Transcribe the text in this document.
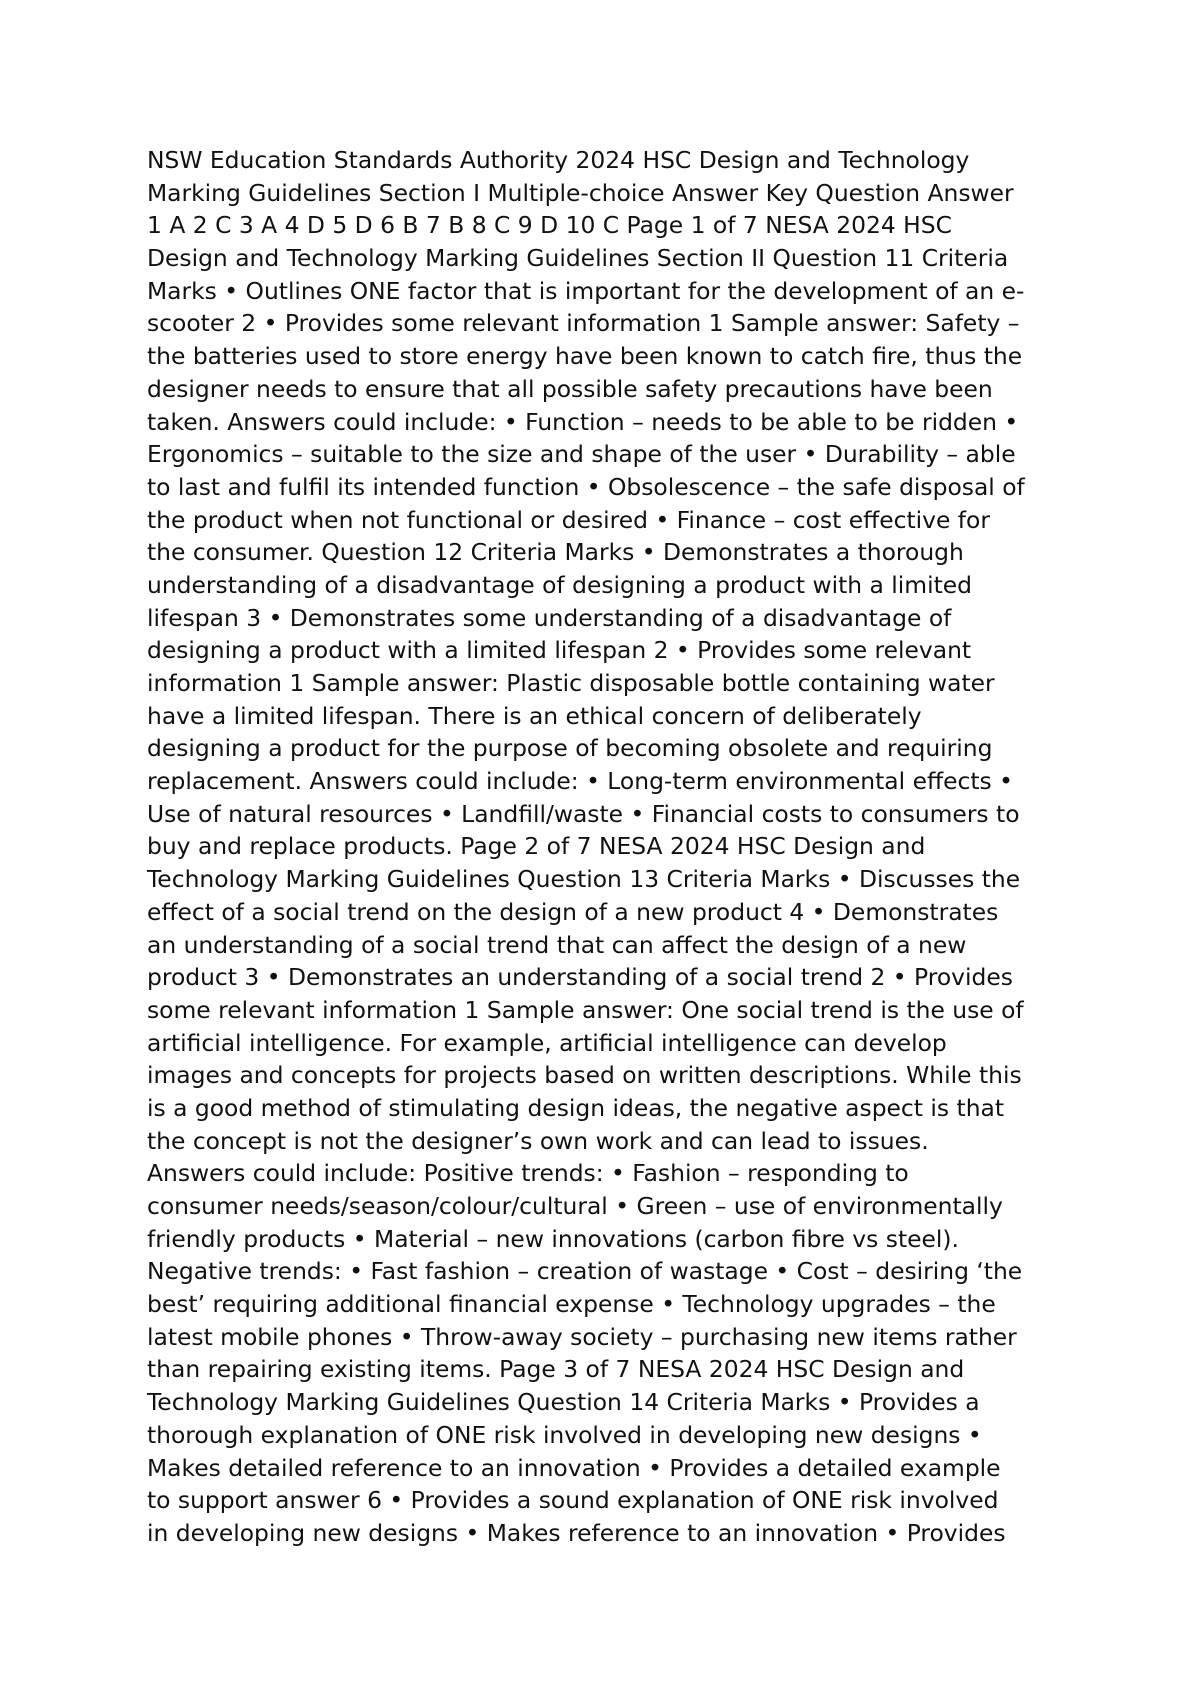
NSW Education Standards Authority 2024 HSC Design and Technology
Marking Guidelines Section I Multiple-choice Answer Key Question Answer
1 A 2 C 3 A 4 D 5 D 6 B 7 B 8 C 9 D 10 C Page 1 of 7 NESA 2024 HSC
Design and Technology Marking Guidelines Section II Question 11 Criteria
Marks • Outlines ONE factor that is important for the development of an e-
scooter 2 • Provides some relevant information 1 Sample answer: Safety –
the batteries used to store energy have been known to catch fire, thus the
designer needs to ensure that all possible safety precautions have been
taken. Answers could include: • Function – needs to be able to be ridden •
Ergonomics – suitable to the size and shape of the user • Durability – able
to last and fulfil its intended function • Obsolescence – the safe disposal of
the product when not functional or desired • Finance – cost effective for
the consumer. Question 12 Criteria Marks • Demonstrates a thorough
understanding of a disadvantage of designing a product with a limited
lifespan 3 • Demonstrates some understanding of a disadvantage of
designing a product with a limited lifespan 2 • Provides some relevant
information 1 Sample answer: Plastic disposable bottle containing water
have a limited lifespan. There is an ethical concern of deliberately
designing a product for the purpose of becoming obsolete and requiring
replacement. Answers could include: • Long-term environmental effects •
Use of natural resources • Landfill/waste • Financial costs to consumers to
buy and replace products. Page 2 of 7 NESA 2024 HSC Design and
Technology Marking Guidelines Question 13 Criteria Marks • Discusses the
effect of a social trend on the design of a new product 4 • Demonstrates
an understanding of a social trend that can affect the design of a new
product 3 • Demonstrates an understanding of a social trend 2 • Provides
some relevant information 1 Sample answer: One social trend is the use of
artificial intelligence. For example, artificial intelligence can develop
images and concepts for projects based on written descriptions. While this
is a good method of stimulating design ideas, the negative aspect is that
the concept is not the designer’s own work and can lead to issues.
Answers could include: Positive trends: • Fashion – responding to
consumer needs/season/colour/cultural • Green – use of environmentally
friendly products • Material – new innovations (carbon fibre vs steel).
Negative trends: • Fast fashion – creation of wastage • Cost – desiring ‘the
best’ requiring additional financial expense • Technology upgrades – the
latest mobile phones • Throw-away society – purchasing new items rather
than repairing existing items. Page 3 of 7 NESA 2024 HSC Design and
Technology Marking Guidelines Question 14 Criteria Marks • Provides a
thorough explanation of ONE risk involved in developing new designs •
Makes detailed reference to an innovation • Provides a detailed example
to support answer 6 • Provides a sound explanation of ONE risk involved
in developing new designs • Makes reference to an innovation • Provides
